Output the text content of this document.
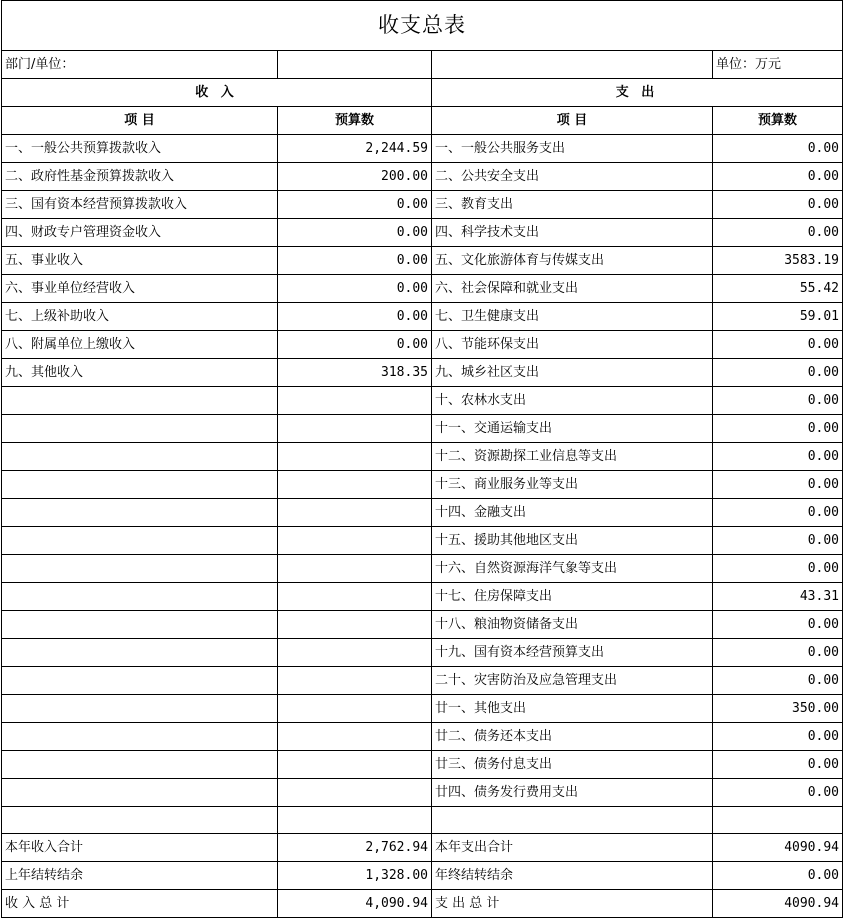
收支总表			
部门/单位：			单位：万元
收 入		支 出	
项 目	预算数	项 目	预算数
一、一般公共预算拨款收入	2,244.59	一、一般公共服务支出	0.00
二、政府性基金预算拨款收入	200.00	二、公共安全支出	0.00
三、国有资本经营预算拨款收入	0.00	三、教育支出	0.00
四、财政专户管理资金收入	0.00	四、科学技术支出	0.00
五、事业收入	0.00	五、文化旅游体育与传媒支出	3583.19
六、事业单位经营收入	0.00	六、社会保障和就业支出	55.42
七、上级补助收入	0.00	七、卫生健康支出	59.01
八、附属单位上缴收入	0.00	八、节能环保支出	0.00
九、其他收入	318.35	九、城乡社区支出	0.00
		十、农林水支出	0.00
		十一、交通运输支出	0.00
		十二、资源勘探工业信息等支出	0.00
		十三、商业服务业等支出	0.00
		十四、金融支出	0.00
		十五、援助其他地区支出	0.00
		十六、自然资源海洋气象等支出	0.00
		十七、住房保障支出	43.31
		十八、粮油物资储备支出	0.00
		十九、国有资本经营预算支出	0.00
		二十、灾害防治及应急管理支出	0.00
		廿一、其他支出	350.00
		廿二、债务还本支出	0.00
		廿三、债务付息支出	0.00
		廿四、债务发行费用支出	0.00

本年收入合计	2,762.94	本年支出合计	4090.94
上年结转结余	1,328.00	年终结转结余	0.00
收 入 总 计	4,090.94	支 出 总 计	4090.94
